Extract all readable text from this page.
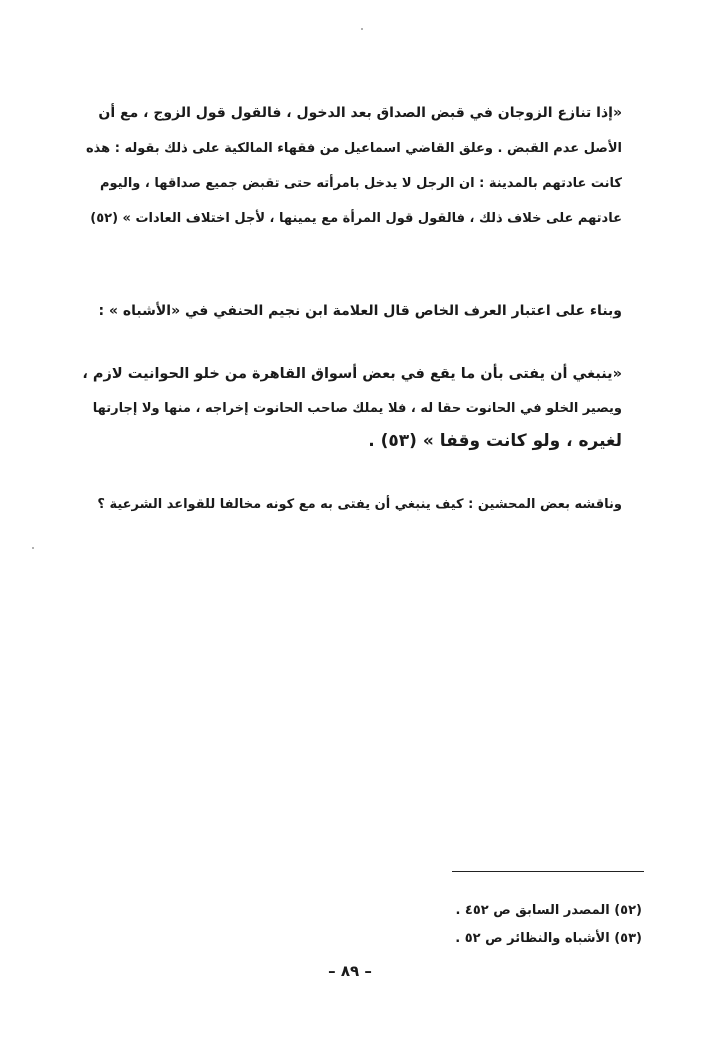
«إذا تنازع الزوجان في قبض الصداق بعد الدخول ، فالقول قول الزوج ، مع أن
الأصل عدم القبض . وعلق القاضي اسماعيل من فقهاء المالكية على ذلك بقوله : هذه
كانت عادتهم بالمدينة : ان الرجل لا يدخل بامرأته حتى تقبض جميع صداقها ، واليوم
عادتهم على خلاف ذلك ، فالقول قول المرأة مع يمينها ، لأجل اختلاف العادات » (٥٢)
وبناء على اعتبار العرف الخاص قال العلامة ابن نجيم الحنفي في «الأشباه » :
«ينبغي أن يفتى بأن ما يقع في بعض أسواق القاهرة من خلو الحوانيت لازم ،
ويصير الخلو في الحانوت حقا له ، فلا يملك صاحب الحانوت إخراجه ، منها ولا إجارتها
لغيره ، ولو كانت وقفا » (٥٣) .
وناقشه بعض المحشين : كيف ينبغي أن يفتى به مع كونه مخالفا للقواعد الشرعية ؟
(٥٢) المصدر السابق ص ٤٥٢ .
(٥٣) الأشباه والنظائر ص ٥٢ .
– ٨٩ –
